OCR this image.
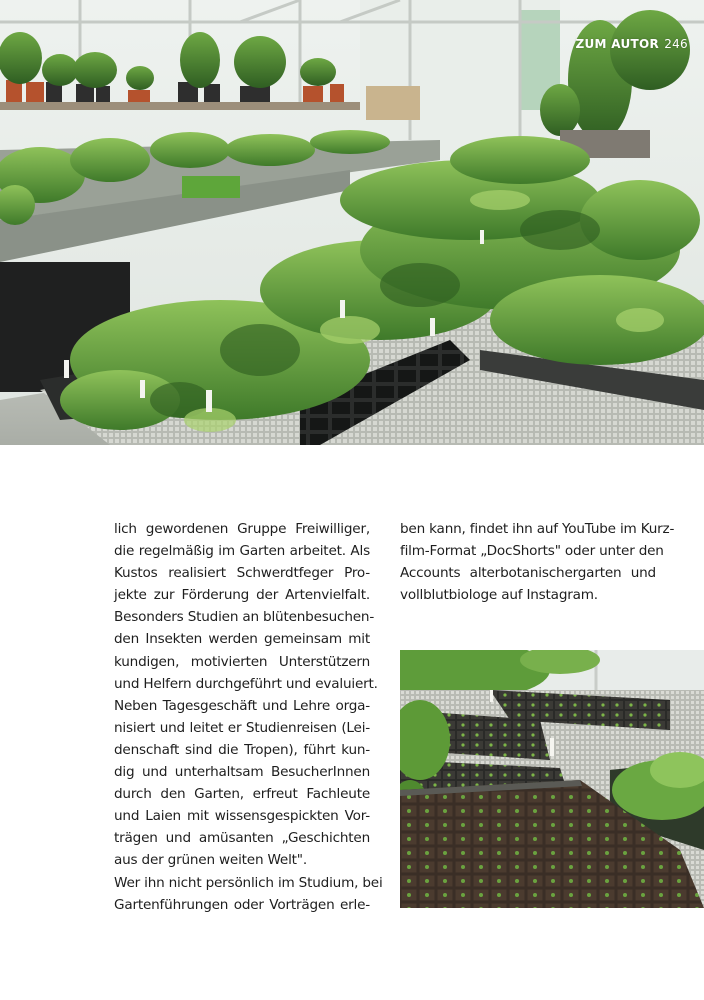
ZUM AUTOR 246
lich gewordenen Gruppe Freiwilliger,
die regelmäßig im Garten arbeitet. Als
Kustos realisiert Schwerdtfeger Pro-
jekte zur Förderung der Artenvielfalt.
Besonders Studien an blütenbesuchen-
den Insekten werden gemeinsam mit
kundigen, motivierten Unterstützern
und Helfern durchgeführt und evaluiert.
Neben Tagesgeschäft und Lehre orga-
nisiert und leitet er Studienreisen (Lei-
denschaft sind die Tropen), führt kun-
dig und unterhaltsam BesucherInnen
durch den Garten, erfreut Fachleute
und Laien mit wissensgespickten Vor-
trägen und amüsanten „Geschichten
aus der grünen weiten Welt".
Wer ihn nicht persönlich im Studium, bei
Gartenführungen oder Vorträgen erle-
ben kann, findet ihn auf YouTube im Kurz-
film-Format „DocShorts" oder unter den
Accounts alterbotanischergarten und
vollblutbiologe auf Instagram.
